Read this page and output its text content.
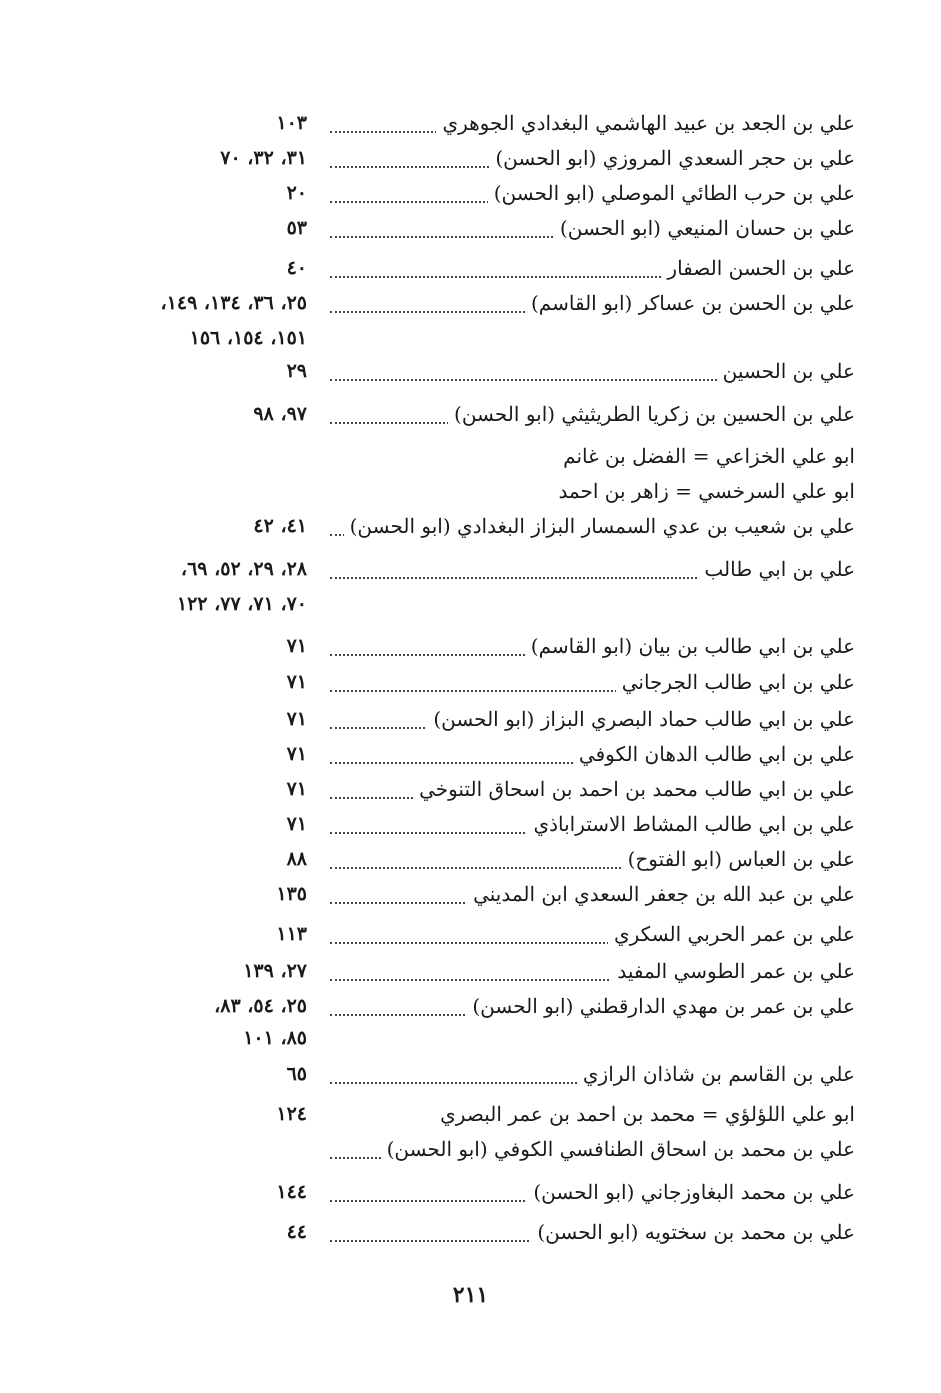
علي بن الجعد بن عبيد الهاشمي البغدادي الجوهري
١٠٣
علي بن حجر السعدي المروزي (ابو الحسن)
٣١، ٣٢، ٧٠
علي بن حرب الطائي الموصلي (ابو الحسن)
٢٠
علي بن حسان المنيعي (ابو الحسن)
٥٣
علي بن الحسن الصفار
٤٠
علي بن الحسن بن عساكر (ابو القاسم)
٢٥، ٣٦، ١٣٤، ١٤٩،
١٥١، ١٥٤، ١٥٦
علي بن الحسين
٢٩
علي بن الحسين بن زكريا الطريثيثي (ابو الحسن)
٩٧، ٩٨
ابو علي الخزاعي = الفضل بن غانم
ابو علي السرخسي = زاهر بن احمد
علي بن شعيب بن عدي السمسار البزاز البغدادي (ابو الحسن)
٤١، ٤٢
علي بن ابي طالب
٢٨، ٢٩، ٥٢، ٦٩،
٧٠، ٧١، ٧٧، ١٢٢
علي بن ابي طالب بن بيان (ابو القاسم)
٧١
علي بن ابي طالب الجرجاني
٧١
علي بن ابي طالب حماد البصري البزاز (ابو الحسن)
٧١
علي بن ابي طالب الدهان الكوفي
٧١
علي بن ابي طالب محمد بن احمد بن اسحاق التنوخي
٧١
علي بن ابي طالب المشاط الاستراباذي
٧١
علي بن العباس (ابو الفتوح)
٨٨
علي بن عبد الله بن جعفر السعدي ابن المديني
١٣٥
علي بن عمر الحربي السكري
١١٣
علي بن عمر الطوسي المفيد
٢٧، ١٣٩
علي بن عمر بن مهدي الدارقطني (ابو الحسن)
٢٥، ٥٤، ٨٣،
٨٥، ١٠١
علي بن القاسم بن شاذان الرازي
٦٥
ابو علي اللؤلؤي = محمد بن احمد بن عمر البصري
١٢٤
علي بن محمد بن اسحاق الطنافسي الكوفي (ابو الحسن)
علي بن محمد البغاوزجاني (ابو الحسن)
١٤٤
علي بن محمد بن سختويه (ابو الحسن)
٤٤
٢١١
